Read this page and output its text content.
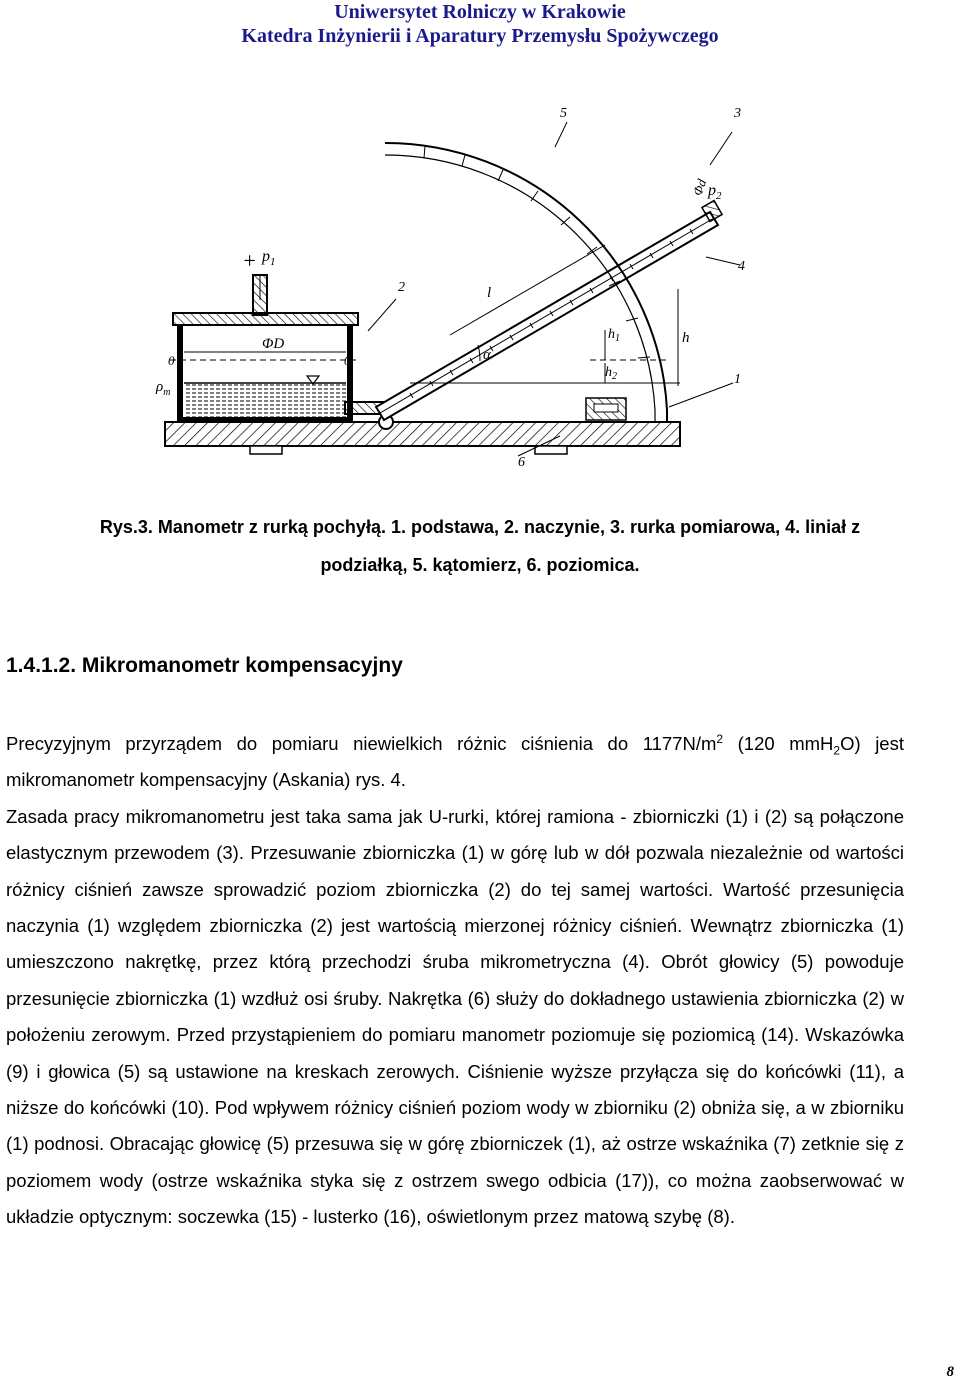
Uniwersytet Rolniczy w Krakowie
Katedra Inżynierii i Aparatury Przemysłu Spożywczego
+ $p_1$
$p_2$
Φd
ΦD
$\rho_m$
0	0
l
α
h
$h_1$
$h_2$	1
2
3
4
5
6
Rys.3. Manometr z rurką pochyłą. 1. podstawa, 2. naczynie, 3. rurka pomiarowa, 4. liniał z
podziałką, 5. kątomierz, 6. poziomica.
1.4.1.2. Mikromanometr kompensacyjny

Precyzyjnym przyrządem do pomiaru niewielkich różnic ciśnienia do $1177N/m^2$ (120 mmH$_2$O) jest mikromanometr kompensacyjny (Askania) rys. 4.

Zasada pracy mikromanometru jest taka sama jak U-rurki, której ramiona - zbiorniczki (1) i (2) są połączone elastycznym przewodem (3). Przesuwanie zbiorniczka (1) w górę lub w dół pozwala niezależnie od wartości różnicy ciśnień zawsze sprowadzić poziom zbiorniczka (2) do tej samej wartości. Wartość przesunięcia naczynia (1) względem zbiorniczka (2) jest wartością mierzonej różnicy ciśnień. Wewnątrz zbiorniczka (1) umieszczono nakrętkę, przez którą przechodzi śruba mikrometryczna (4). Obrót głowicy (5) powoduje przesunięcie zbiorniczka (1) wzdłuż osi śruby. Nakrętka (6) służy do dokładnego ustawienia zbiorniczka (2) w położeniu zerowym. Przed przystąpieniem do pomiaru manometr poziomuje się poziomicą (14). Wskazówka (9) i głowica (5) są ustawione na kreskach zerowych. Ciśnienie wyższe przyłącza się do końcówki (11), a niższe do końcówki (10). Pod wpływem różnicy ciśnień poziom wody w zbiorniku (2) obniża się, a w zbiorniku (1) podnosi. Obracając głowicę (5) przesuwa się w górę zbiorniczek (1), aż ostrze wskaźnika (7) zetknie się z poziomem wody (ostrze wskaźnika styka się z ostrzem swego odbicia (17)), co można zaobserwować w układzie optycznym: soczewka (15) - lusterko (16), oświetlonym przez matową szybę (8).

8
